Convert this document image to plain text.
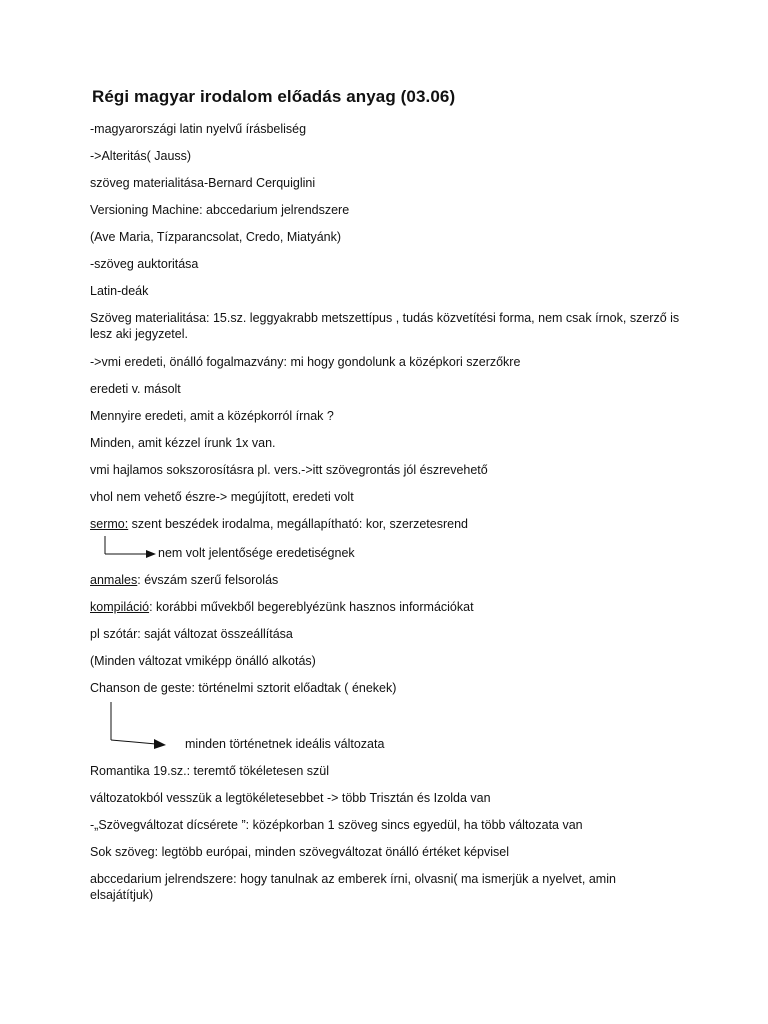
Régi magyar irodalom előadás anyag (03.06)
-magyarországi latin nyelvű írásbeliség
->Alteritás( Jauss)
szöveg materialitása-Bernard Cerquiglini
Versioning Machine: abccedarium jelrendszere
(Ave Maria, Tízparancsolat, Credo, Miatyánk)
-szöveg auktoritása
Latin-deák
Szöveg materialitása: 15.sz. leggyakrabb metszettípus , tudás közvetítési forma, nem csak írnok, szerző is lesz aki jegyzetel.
->vmi eredeti, önálló fogalmazvány: mi hogy gondolunk a középkori szerzőkre
eredeti v. másolt
Mennyire eredeti, amit a középkorról írnak ?
Minden, amit kézzel írunk 1x van.
vmi hajlamos sokszorosításra pl. vers.->itt szövegrontás jól észrevehető
vhol nem vehető észre-> megújított, eredeti volt
sermo: szent beszédek irodalma, megállapítható: kor, szerzetesrend
nem volt jelentősége eredetiségnek
anmales: évszám szerű felsorolás
kompiláció: korábbi művekből begereblyézünk hasznos információkat
pl szótár: saját változat összeállítása
(Minden változat vmiképp önálló alkotás)
Chanson de geste: történelmi sztorit előadtak ( énekek)
minden történetnek ideális változata
Romantika 19.sz.: teremtő tökéletesen szül
változatokból vesszük a legtökéletesebbet -> több Trisztán és Izolda van
-„Szövegváltozat dícsérete ”: középkorban 1 szöveg sincs egyedül, ha több változata van
Sok szöveg: legtöbb európai, minden szövegváltozat önálló értéket képvisel
abccedarium jelrendszere: hogy tanulnak az emberek írni, olvasni( ma ismerjük a nyelvet, amin elsajátítjuk)
